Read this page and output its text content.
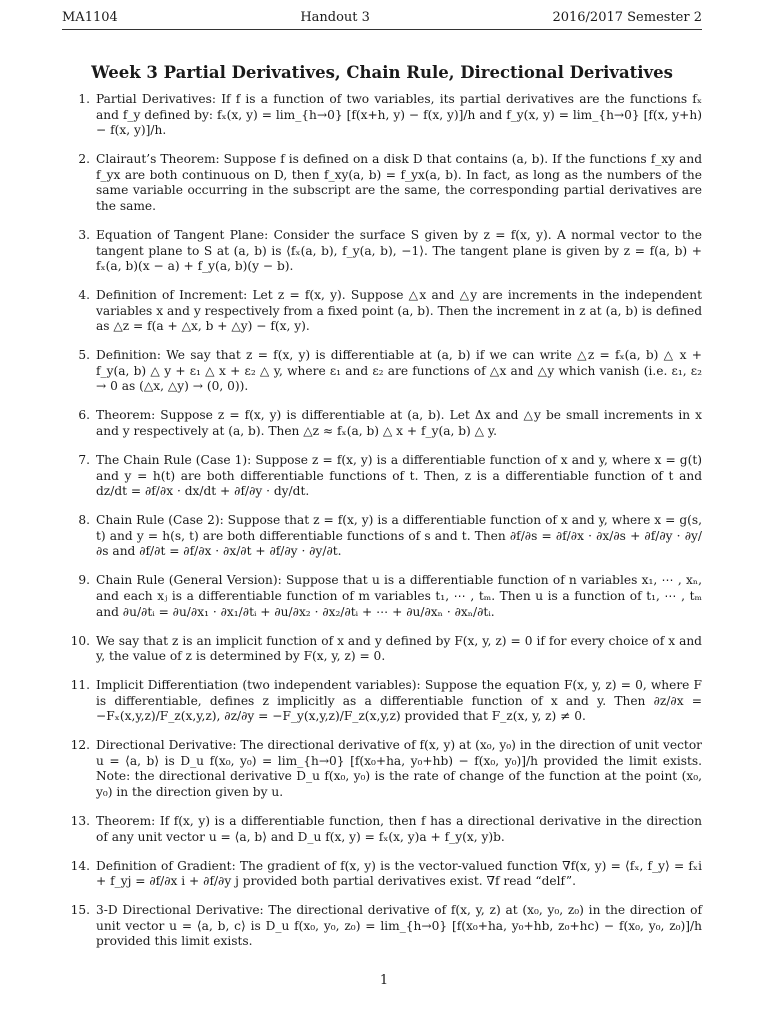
MA1104	Handout 3	2016/2017 Semester 2
Week 3 Partial Derivatives, Chain Rule, Directional Derivatives
1. Partial Derivatives: If f is a function of two variables, its partial derivatives are the functions fₓ and f_y defined by: fₓ(x, y) = lim_{h→0} [f(x+h, y) − f(x, y)]/h and f_y(x, y) = lim_{h→0} [f(x, y+h) − f(x, y)]/h.
2. Clairaut’s Theorem: Suppose f is defined on a disk D that contains (a, b). If the functions f_xy and f_yx are both continuous on D, then f_xy(a, b) = f_yx(a, b). In fact, as long as the numbers of the same variable occurring in the subscript are the same, the corresponding partial derivatives are the same.
3. Equation of Tangent Plane: Consider the surface S given by z = f(x, y). A normal vector to the tangent plane to S at (a, b) is ⟨fₓ(a, b), f_y(a, b), −1⟩. The tangent plane is given by z = f(a, b) + fₓ(a, b)(x − a) + f_y(a, b)(y − b).
4. Definition of Increment: Let z = f(x, y). Suppose △x and △y are increments in the independent variables x and y respectively from a fixed point (a, b). Then the increment in z at (a, b) is defined as △z = f(a + △x, b + △y) − f(x, y).
5. Definition: We say that z = f(x, y) is differentiable at (a, b) if we can write △z = fₓ(a, b) △ x + f_y(a, b) △ y + ε₁ △ x + ε₂ △ y, where ε₁ and ε₂ are functions of △x and △y which vanish (i.e. ε₁, ε₂ → 0 as (△x, △y) → (0, 0)).
6. Theorem: Suppose z = f(x, y) is differentiable at (a, b). Let Δx and △y be small increments in x and y respectively at (a, b). Then △z ≈ fₓ(a, b) △ x + f_y(a, b) △ y.
7. The Chain Rule (Case 1): Suppose z = f(x, y) is a differentiable function of x and y, where x = g(t) and y = h(t) are both differentiable functions of t. Then, z is a differentiable function of t and dz/dt = ∂f/∂x · dx/dt + ∂f/∂y · dy/dt.
8. Chain Rule (Case 2): Suppose that z = f(x, y) is a differentiable function of x and y, where x = g(s, t) and y = h(s, t) are both differentiable functions of s and t. Then ∂f/∂s = ∂f/∂x · ∂x/∂s + ∂f/∂y · ∂y/∂s and ∂f/∂t = ∂f/∂x · ∂x/∂t + ∂f/∂y · ∂y/∂t.
9. Chain Rule (General Version): Suppose that u is a differentiable function of n variables x₁, ⋯ , xₙ, and each xⱼ is a differentiable function of m variables t₁, ⋯ , tₘ. Then u is a function of t₁, ⋯ , tₘ and ∂u/∂tᵢ = ∂u/∂x₁ · ∂x₁/∂tᵢ + ∂u/∂x₂ · ∂x₂/∂tᵢ + ⋯ + ∂u/∂xₙ · ∂xₙ/∂tᵢ.
10. We say that z is an implicit function of x and y defined by F(x, y, z) = 0 if for every choice of x and y, the value of z is determined by F(x, y, z) = 0.
11. Implicit Differentiation (two independent variables): Suppose the equation F(x, y, z) = 0, where F is differentiable, defines z implicitly as a differentiable function of x and y. Then ∂z/∂x = −Fₓ(x,y,z)/F_z(x,y,z), ∂z/∂y = −F_y(x,y,z)/F_z(x,y,z) provided that F_z(x, y, z) ≠ 0.
12. Directional Derivative: The directional derivative of f(x, y) at (x₀, y₀) in the direction of unit vector u = ⟨a, b⟩ is D_u f(x₀, y₀) = lim_{h→0} [f(x₀+ha, y₀+hb) − f(x₀, y₀)]/h provided the limit exists. Note: the directional derivative D_u f(x₀, y₀) is the rate of change of the function at the point (x₀, y₀) in the direction given by u.
13. Theorem: If f(x, y) is a differentiable function, then f has a directional derivative in the direction of any unit vector u = ⟨a, b⟩ and D_u f(x, y) = fₓ(x, y)a + f_y(x, y)b.
14. Definition of Gradient: The gradient of f(x, y) is the vector-valued function ∇f(x, y) = ⟨fₓ, f_y⟩ = fₓi + f_yj = ∂f/∂x i + ∂f/∂y j provided both partial derivatives exist. ∇f read “delf”.
15. 3-D Directional Derivative: The directional derivative of f(x, y, z) at (x₀, y₀, z₀) in the direction of unit vector u = ⟨a, b, c⟩ is D_u f(x₀, y₀, z₀) = lim_{h→0} [f(x₀+ha, y₀+hb, z₀+hc) − f(x₀, y₀, z₀)]/h provided this limit exists.
1
